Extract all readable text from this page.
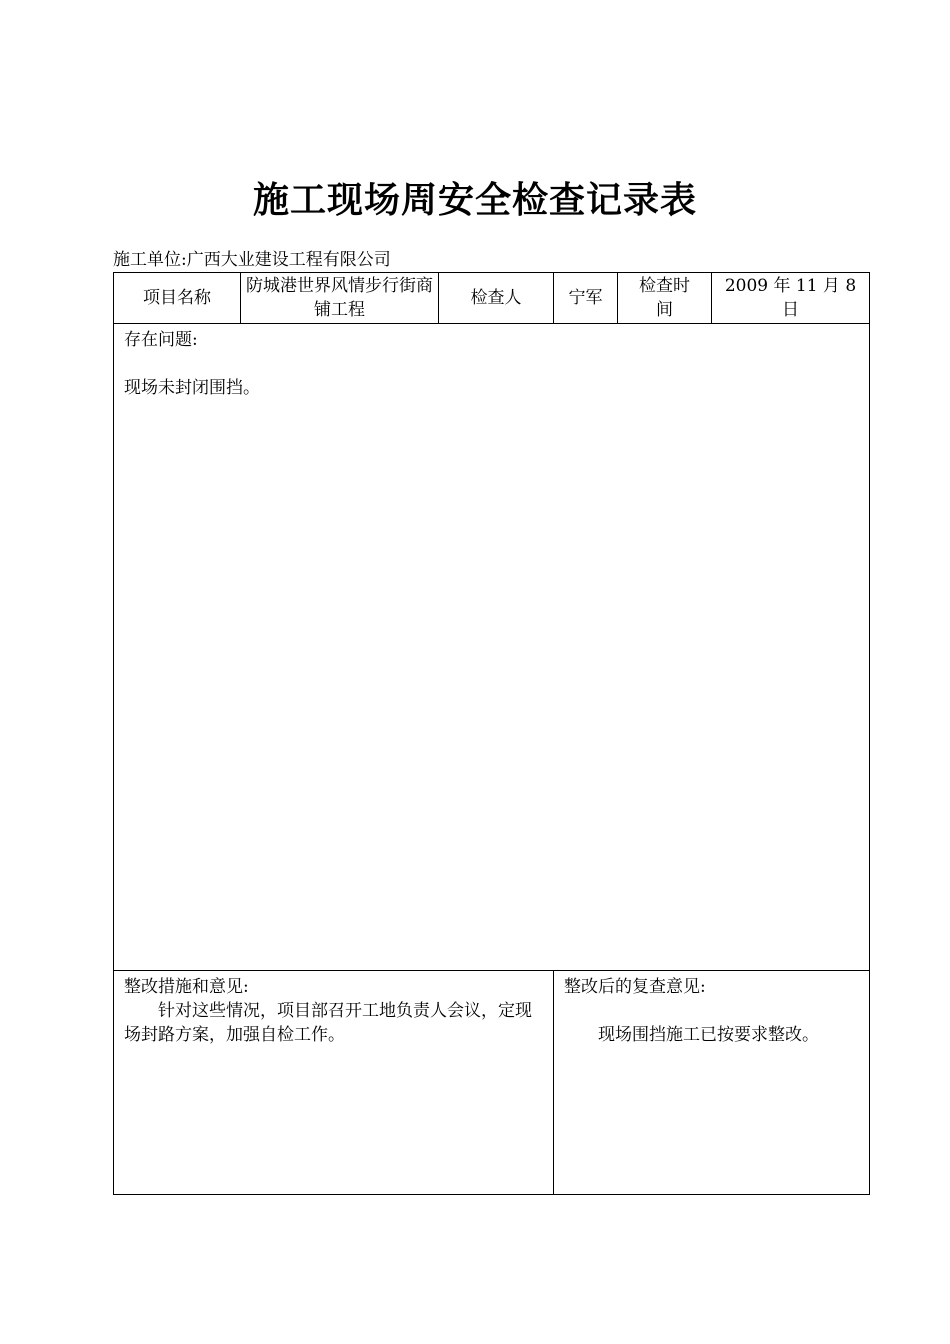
施工现场周安全检查记录表
施工单位:广西大业建设工程有限公司
项目名称
防城港世界风情步行街商铺工程
检查人	宁军
检查时间
2009 年 11 月 8 日

存在问题:

现场未封闭围挡。

整改措施和意见:

针对这些情况，项目部召开工地负责人会议，定现场封路方案，加强自检工作。

整改后的复查意见:

现场围挡施工已按要求整改。
